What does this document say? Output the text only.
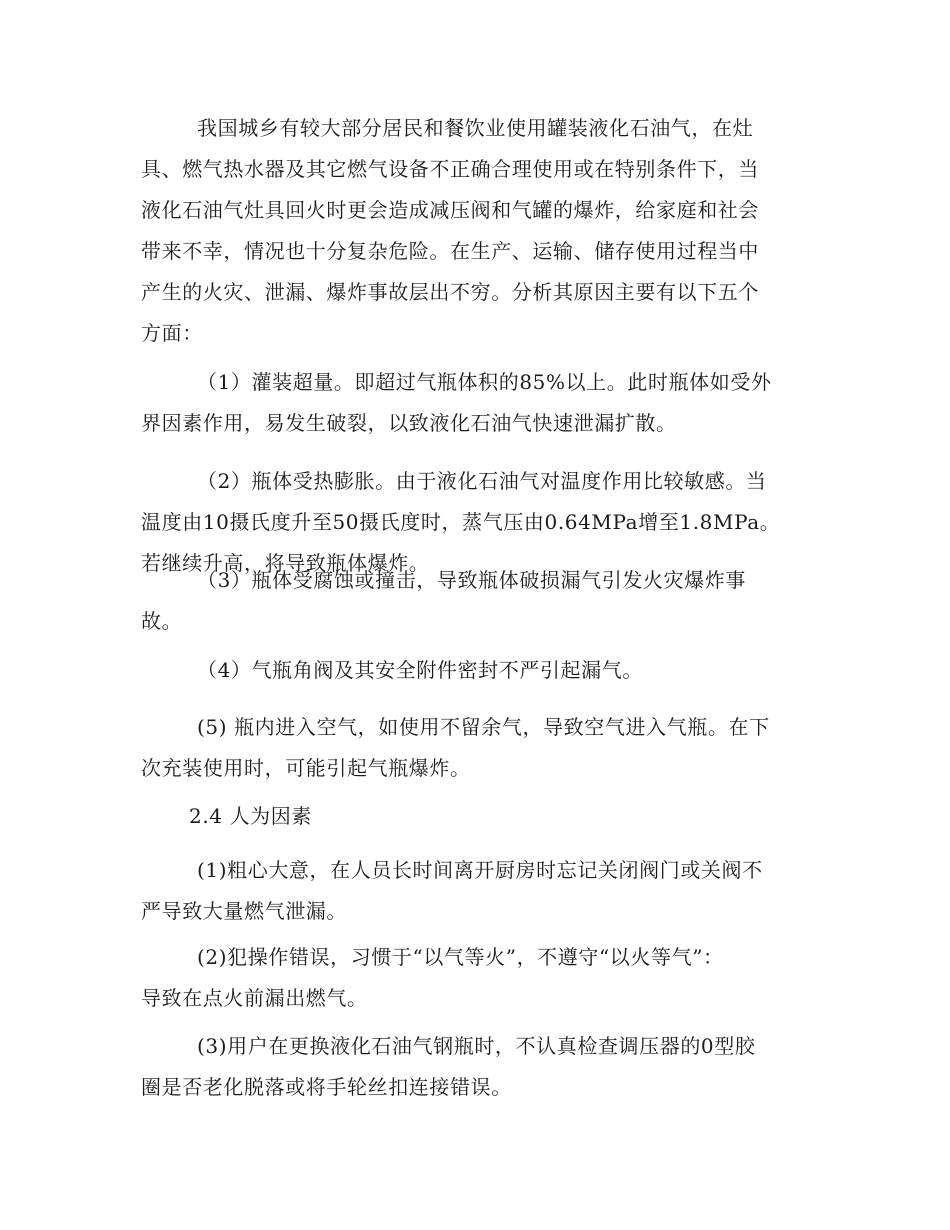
我国城乡有较大部分居民和餐饮业使用罐装液化石油气，在灶
具、燃气热水器及其它燃气设备不正确合理使用或在特别条件下，当
液化石油气灶具回火时更会造成减压阀和气罐的爆炸，给家庭和社会
带来不幸，情况也十分复杂危险。在生产、运输、储存使用过程当中
产生的火灾、泄漏、爆炸事故层出不穷。分析其原因主要有以下五个
方面：
（1）灌装超量。即超过气瓶体积的85%以上。此时瓶体如受外
界因素作用，易发生破裂，以致液化石油气快速泄漏扩散。
（2）瓶体受热膨胀。由于液化石油气对温度作用比较敏感。当
温度由10摄氏度升至50摄氏度时，蒸气压由0.64MPa增至1.8MPa。
若继续升高，将导致瓶体爆炸。
（3）瓶体受腐蚀或撞击，导致瓶体破损漏气引发火灾爆炸事
故。
（4）气瓶角阀及其安全附件密封不严引起漏气。
(5) 瓶内进入空气，如使用不留余气，导致空气进入气瓶。在下
次充装使用时，可能引起气瓶爆炸。
2.4 人为因素
(1)粗心大意，在人员长时间离开厨房时忘记关闭阀门或关阀不
严导致大量燃气泄漏。
(2)犯操作错误，习惯于“以气等火”，不遵守“以火等气”：
导致在点火前漏出燃气。
(3)用户在更换液化石油气钢瓶时，不认真检查调压器的0型胶
圈是否老化脱落或将手轮丝扣连接错误。
